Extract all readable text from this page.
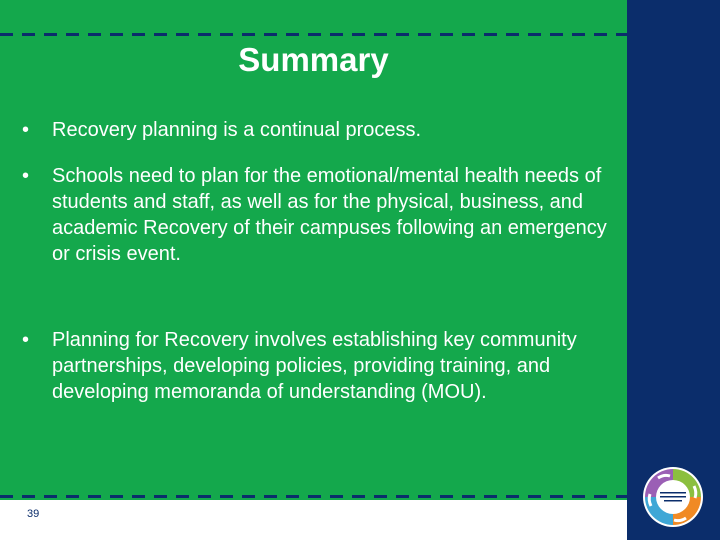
Summary
•	Recovery planning is a continual process.
•	Schools need to plan for the emotional/mental health needs of students and staff, as well as for the physical, business, and academic Recovery of their campuses following an emergency or crisis event.
•	Planning for Recovery involves establishing key community partnerships, developing policies, providing training, and developing memoranda of understanding (MOU).
39
